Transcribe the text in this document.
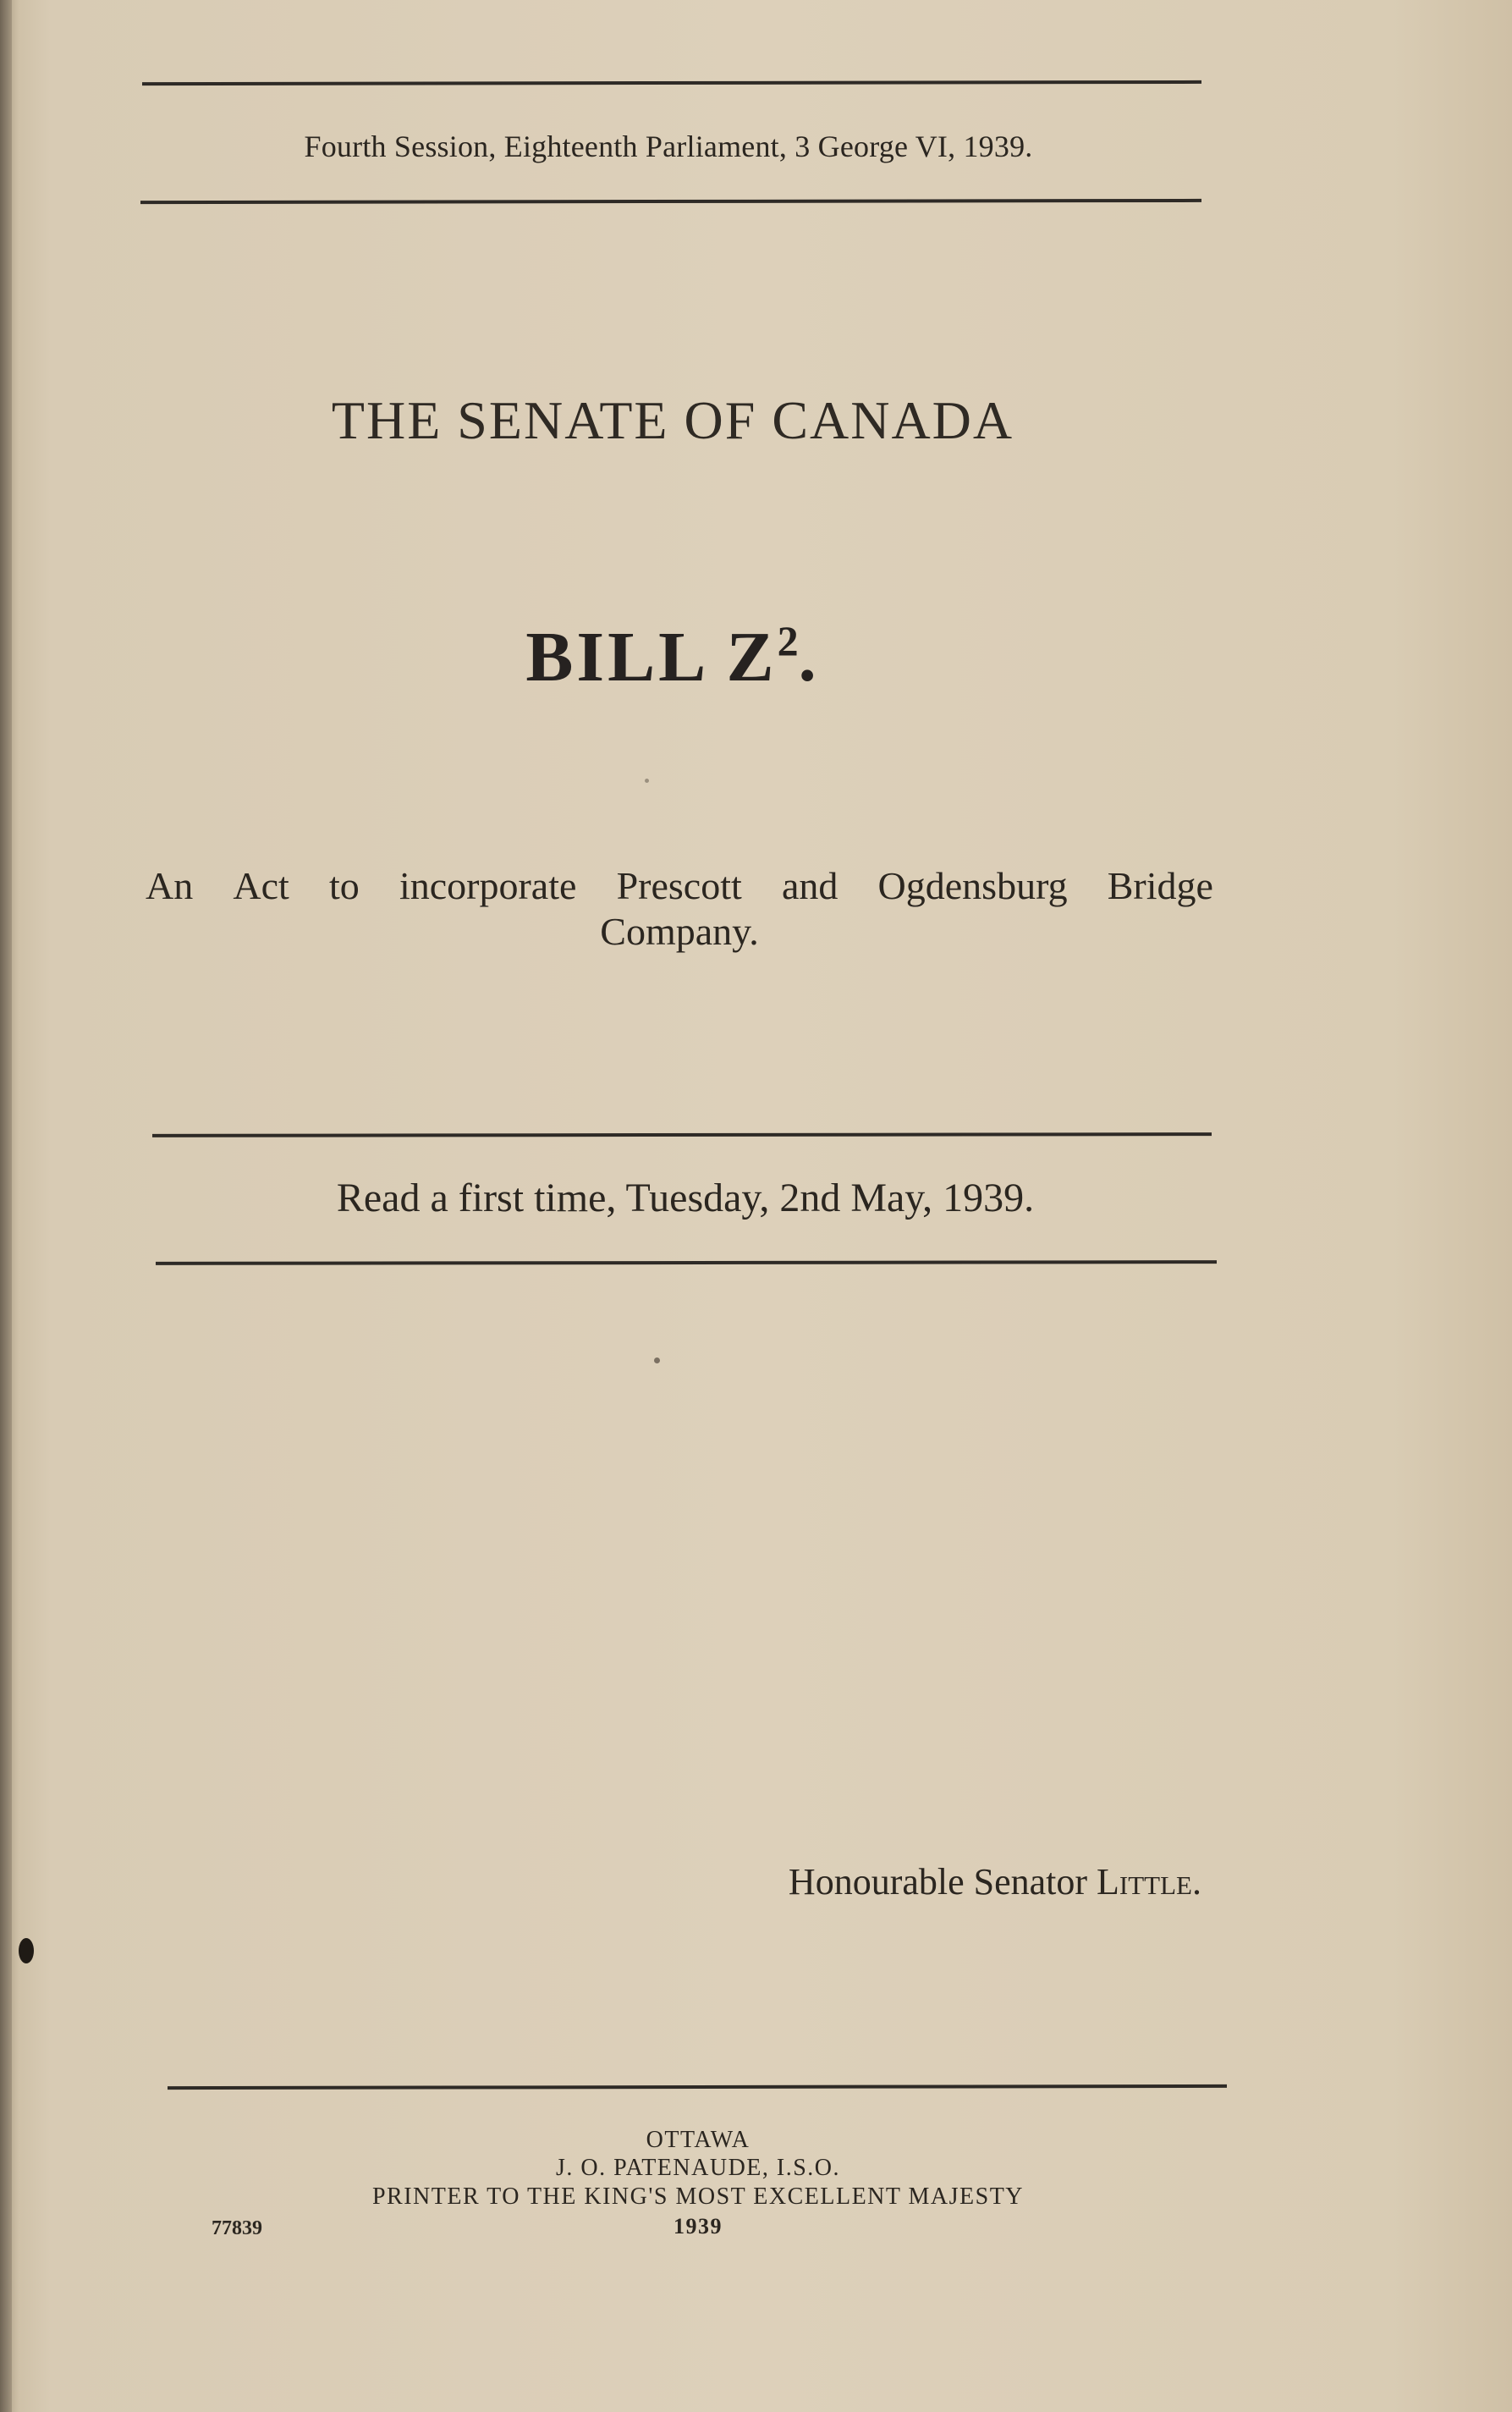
Fourth Session, Eighteenth Parliament, 3 George VI, 1939.
THE SENATE OF CANADA
BILL $Z^2$.
An Act to incorporate Prescott and Ogdensburg Bridge
Company.
Read a first time, Tuesday, 2nd May, 1939.
Honourable Senator Little.
OTTAWA
J. O. PATENAUDE, I.S.O.
PRINTER TO THE KING'S MOST EXCELLENT MAJESTY
1939
77839
